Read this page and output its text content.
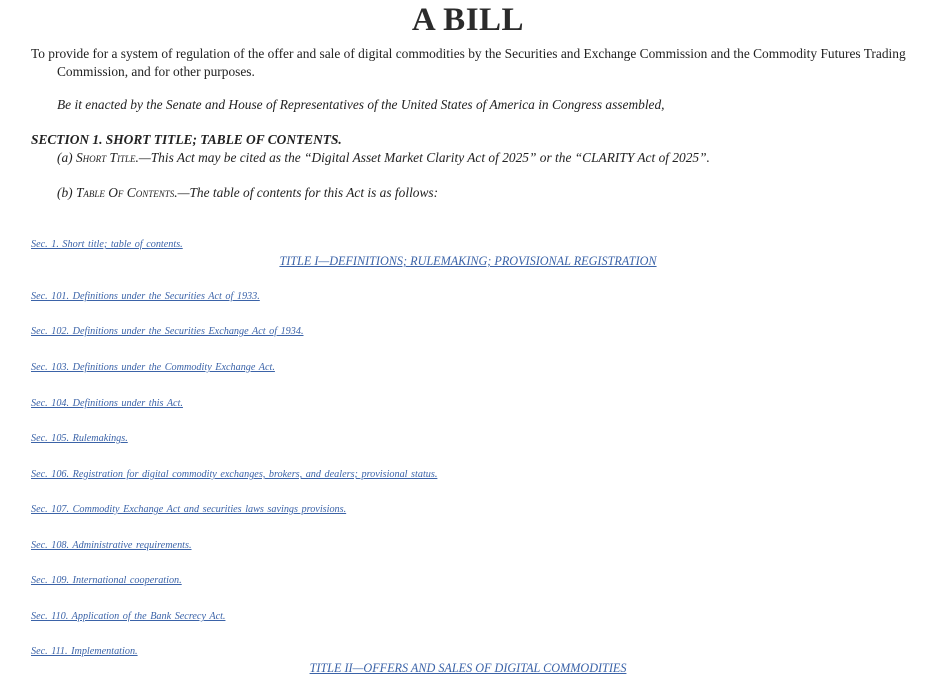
A BILL

To provide for a system of regulation of the offer and sale of digital commodities by the Securities and Exchange Commission and the Commodity Futures Trading Commission, and for other purposes.

Be it enacted by the Senate and House of Representatives of the United States of America in Congress assembled,

SECTION 1. SHORT TITLE; TABLE OF CONTENTS.

(a) Short Title.—This Act may be cited as the “Digital Asset Market Clarity Act of 2025” or the “CLARITY Act of 2025”.

(b) Table Of Contents.—The table of contents for this Act is as follows:

Sec. 1. Short title; table of contents.
TITLE I—DEFINITIONS; RULEMAKING; PROVISIONAL REGISTRATION
Sec. 101. Definitions under the Securities Act of 1933.
Sec. 102. Definitions under the Securities Exchange Act of 1934.
Sec. 103. Definitions under the Commodity Exchange Act.
Sec. 104. Definitions under this Act.
Sec. 105. Rulemakings.
Sec. 106. Registration for digital commodity exchanges, brokers, and dealers; provisional status.
Sec. 107. Commodity Exchange Act and securities laws savings provisions.
Sec. 108. Administrative requirements.
Sec. 109. International cooperation.
Sec. 110. Application of the Bank Secrecy Act.
Sec. 111. Implementation.
TITLE II—OFFERS AND SALES OF DIGITAL COMMODITIES
